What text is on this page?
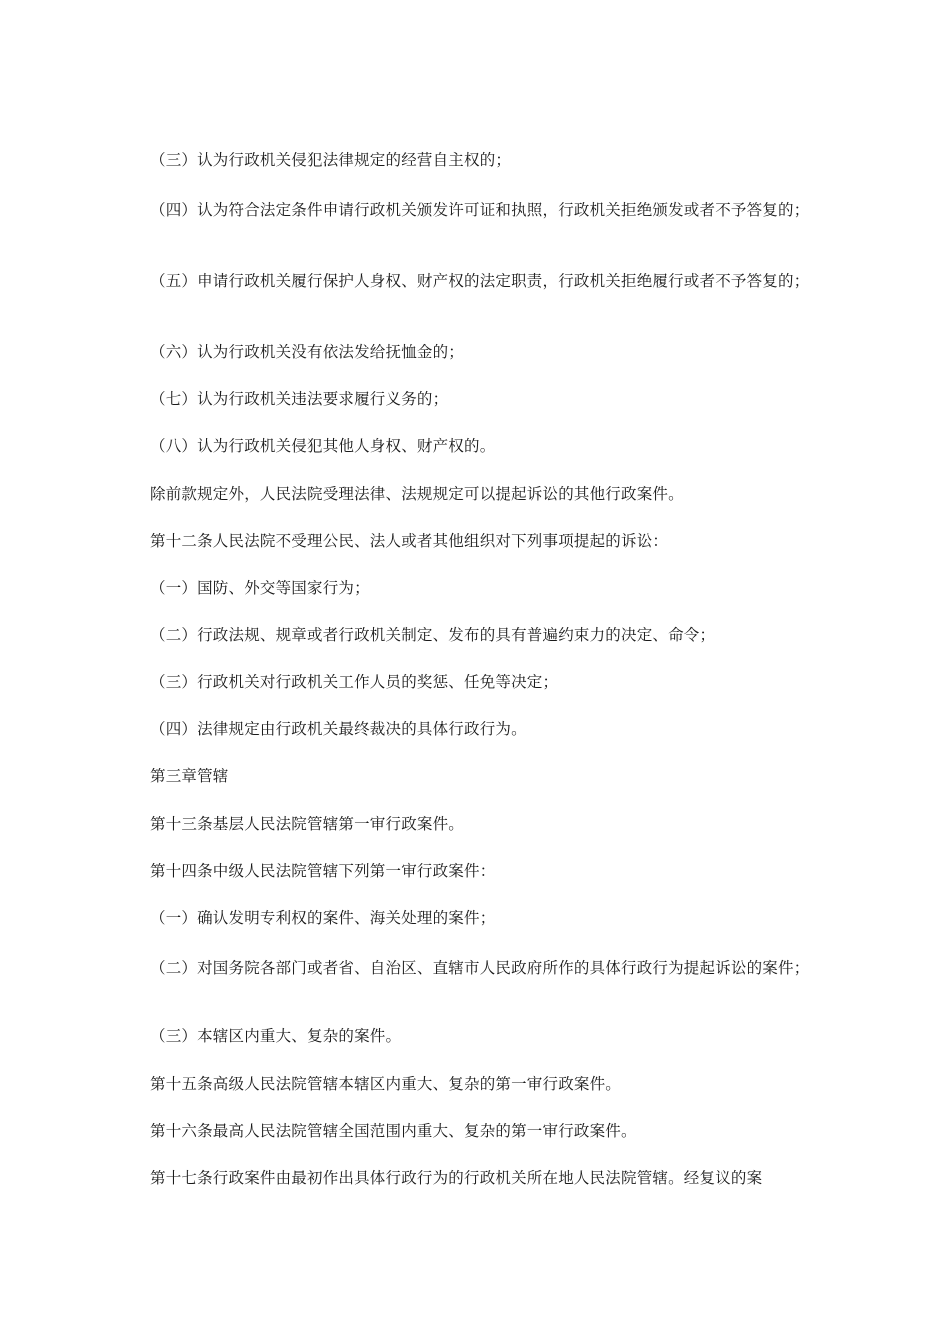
（三）认为行政机关侵犯法律规定的经营自主权的；

（四）认为符合法定条件申请行政机关颁发许可证和执照，行政机关拒绝颁发或者不予答复的；

（五）申请行政机关履行保护人身权、财产权的法定职责，行政机关拒绝履行或者不予答复的；

（六）认为行政机关没有依法发给抚恤金的；

（七）认为行政机关违法要求履行义务的；

（八）认为行政机关侵犯其他人身权、财产权的。

除前款规定外，人民法院受理法律、法规规定可以提起诉讼的其他行政案件。

第十二条人民法院不受理公民、法人或者其他组织对下列事项提起的诉讼：

（一）国防、外交等国家行为；

（二）行政法规、规章或者行政机关制定、发布的具有普遍约束力的决定、命令；

（三）行政机关对行政机关工作人员的奖惩、任免等决定；

（四）法律规定由行政机关最终裁决的具体行政行为。

第三章管辖

第十三条基层人民法院管辖第一审行政案件。

第十四条中级人民法院管辖下列第一审行政案件：

（一）确认发明专利权的案件、海关处理的案件；

（二）对国务院各部门或者省、自治区、直辖市人民政府所作的具体行政行为提起诉讼的案件；

（三）本辖区内重大、复杂的案件。

第十五条高级人民法院管辖本辖区内重大、复杂的第一审行政案件。

第十六条最高人民法院管辖全国范围内重大、复杂的第一审行政案件。

第十七条行政案件由最初作出具体行政行为的行政机关所在地人民法院管辖。经复议的案
